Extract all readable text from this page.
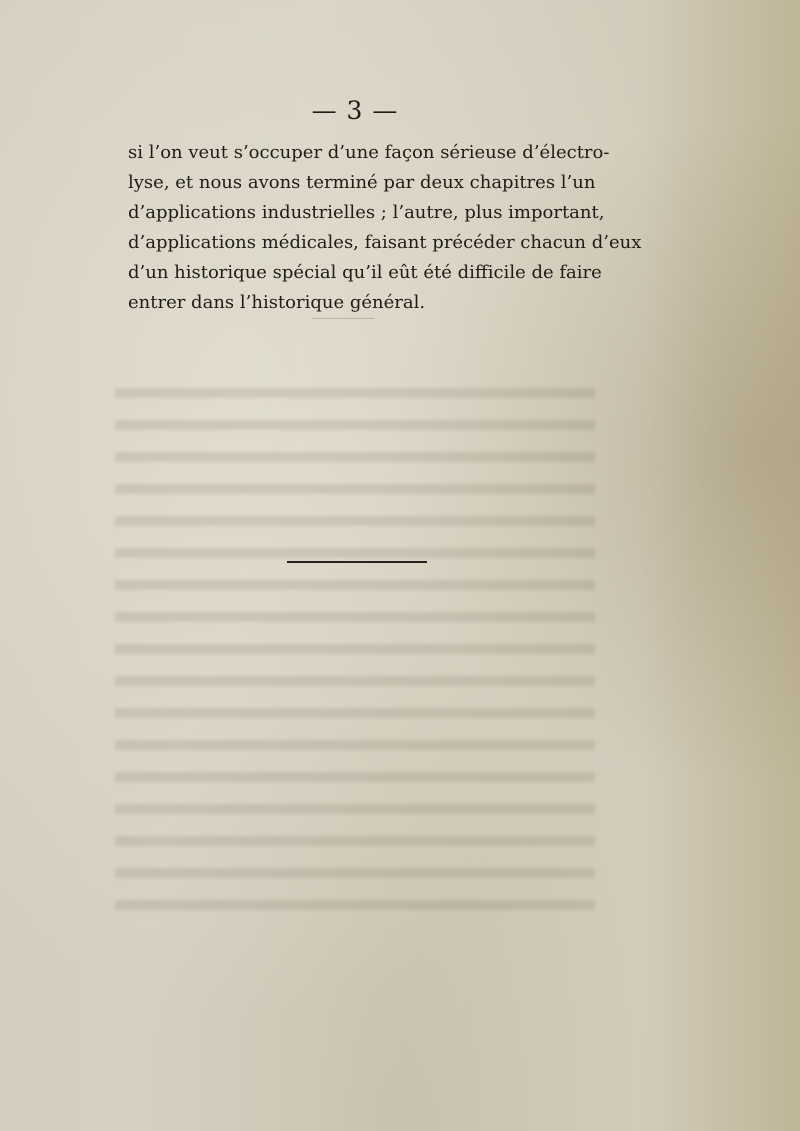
— 3 —

si l’on veut s’occuper d’une façon sérieuse d’électro-
lyse, et nous avons terminé par deux chapitres l’un
d’applications industrielles ; l’autre, plus important,
d’applications médicales, faisant précéder chacun d’eux
d’un historique spécial qu’il eût été difficile de faire
entrer dans l’historique général.
